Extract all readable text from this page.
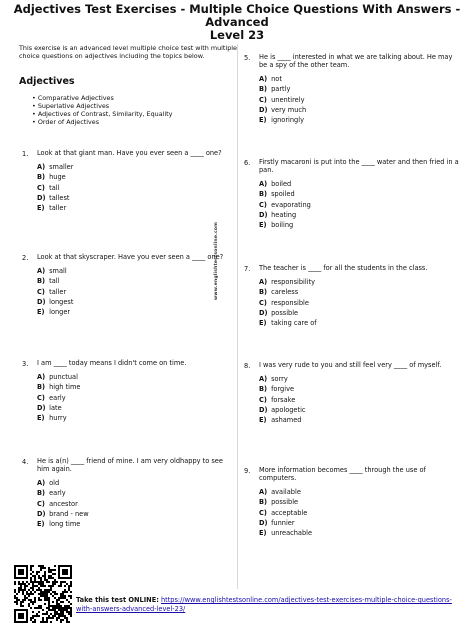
Adjectives Test Exercises - Multiple Choice Questions With Answers - Advanced
Level 23
This exercise is an advanced level multiple choice test with multiple choice questions on adjectives including the topics below.
Adjectives
• Comparative Adjectives
• Superlative Adjectives
• Adjectives of Contrast, Similarity, Equality
• Order of Adjectives
www.englishtestsonline.com
1. Look at that giant man. Have you ever seen a ____ one?
A) smaller
B) huge
C) tall
D) tallest
E) taller
2. Look at that skyscraper. Have you ever seen a ____ one?
A) small
B) tall
C) taller
D) longest
E) longer
3. I am ____ today means I didn't come on time.
A) punctual
B) high time
C) early
D) late
E) hurry
4. He is a(n) ____ friend of mine. I am very oldhappy to see him again.
A) old
B) early
C) ancestor
D) brand - new
E) long time
5. He is ____ interested in what we are talking about. He may be a spy of the other team.
A) not
B) partly
C) unentirely
D) very much
E) ignoringly
6. Firstly macaroni is put into the ____ water and then fried in a pan.
A) boiled
B) spoiled
C) evaporating
D) heating
E) boiling
7. The teacher is ____ for all the students in the class.
A) responsibility
B) careless
C) responsible
D) possible
E) taking care of
8. I was very rude to you and still feel very ____ of myself.
A) sorry
B) forgive
C) forsake
D) apologetic
E) ashamed
9. More information becomes ____ through the use of computers.
A) available
B) possible
C) acceptable
D) funnier
E) unreachable
Take this test ONLINE: https://www.englishtestsonline.com/adjectives-test-exercises-multiple-choice-questions-with-answers-advanced-level-23/
